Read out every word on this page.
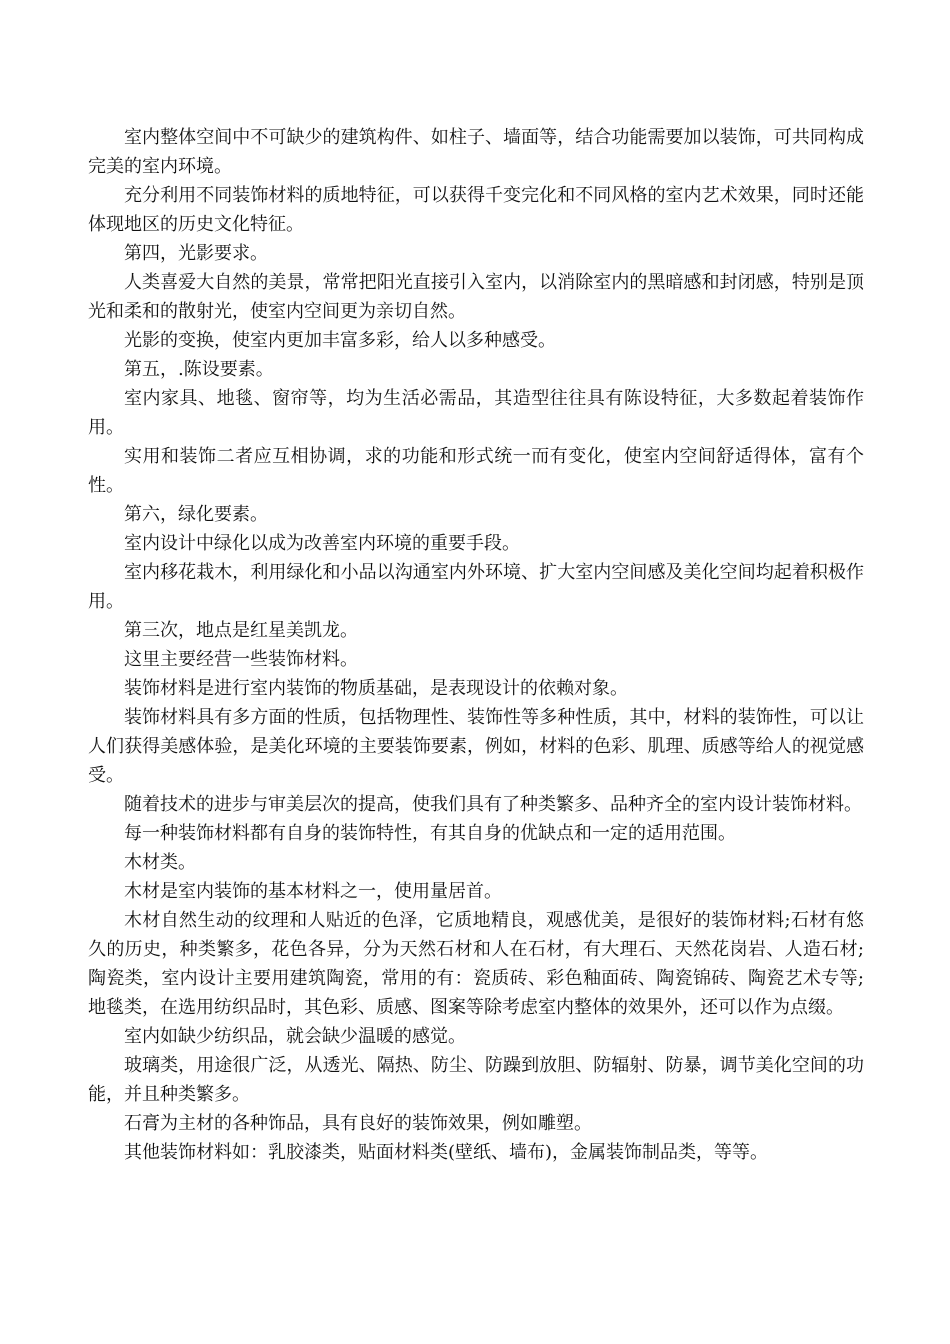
室内整体空间中不可缺少的建筑构件、如柱子、墙面等，结合功能需要加以装饰，可共同构成完美的室内环境。

充分利用不同装饰材料的质地特征，可以获得千变完化和不同风格的室内艺术效果，同时还能体现地区的历史文化特征。

第四，光影要求。

人类喜爱大自然的美景，常常把阳光直接引入室内，以消除室内的黑暗感和封闭感，特别是顶光和柔和的散射光，使室内空间更为亲切自然。

光影的变换，使室内更加丰富多彩，给人以多种感受。

第五，.陈设要素。

室内家具、地毯、窗帘等，均为生活必需品，其造型往往具有陈设特征，大多数起着装饰作用。

实用和装饰二者应互相协调，求的功能和形式统一而有变化，使室内空间舒适得体，富有个性。

第六，绿化要素。

室内设计中绿化以成为改善室内环境的重要手段。

室内移花栽木，利用绿化和小品以沟通室内外环境、扩大室内空间感及美化空间均起着积极作用。

第三次，地点是红星美凯龙。

这里主要经营一些装饰材料。

装饰材料是进行室内装饰的物质基础，是表现设计的依赖对象。

装饰材料具有多方面的性质，包括物理性、装饰性等多种性质，其中，材料的装饰性，可以让人们获得美感体验，是美化环境的主要装饰要素，例如，材料的色彩、肌理、质感等给人的视觉感受。

随着技术的进步与审美层次的提高，使我们具有了种类繁多、品种齐全的室内设计装饰材料。

每一种装饰材料都有自身的装饰特性，有其自身的优缺点和一定的适用范围。

木材类。

木材是室内装饰的基本材料之一，使用量居首。

木材自然生动的纹理和人贴近的色泽，它质地精良，观感优美，是很好的装饰材料;石材有悠久的历史，种类繁多，花色各异，分为天然石材和人在石材，有大理石、天然花岗岩、人造石材;陶瓷类，室内设计主要用建筑陶瓷，常用的有：瓷质砖、彩色釉面砖、陶瓷锦砖、陶瓷艺术专等;地毯类，在选用纺织品时，其色彩、质感、图案等除考虑室内整体的效果外，还可以作为点缀。

室内如缺少纺织品，就会缺少温暖的感觉。

玻璃类，用途很广泛，从透光、隔热、防尘、防躁到放胆、防辐射、防暴，调节美化空间的功能，并且种类繁多。

石膏为主材的各种饰品，具有良好的装饰效果，例如雕塑。

其他装饰材料如：乳胶漆类，贴面材料类(壁纸、墙布)，金属装饰制品类，等等。
